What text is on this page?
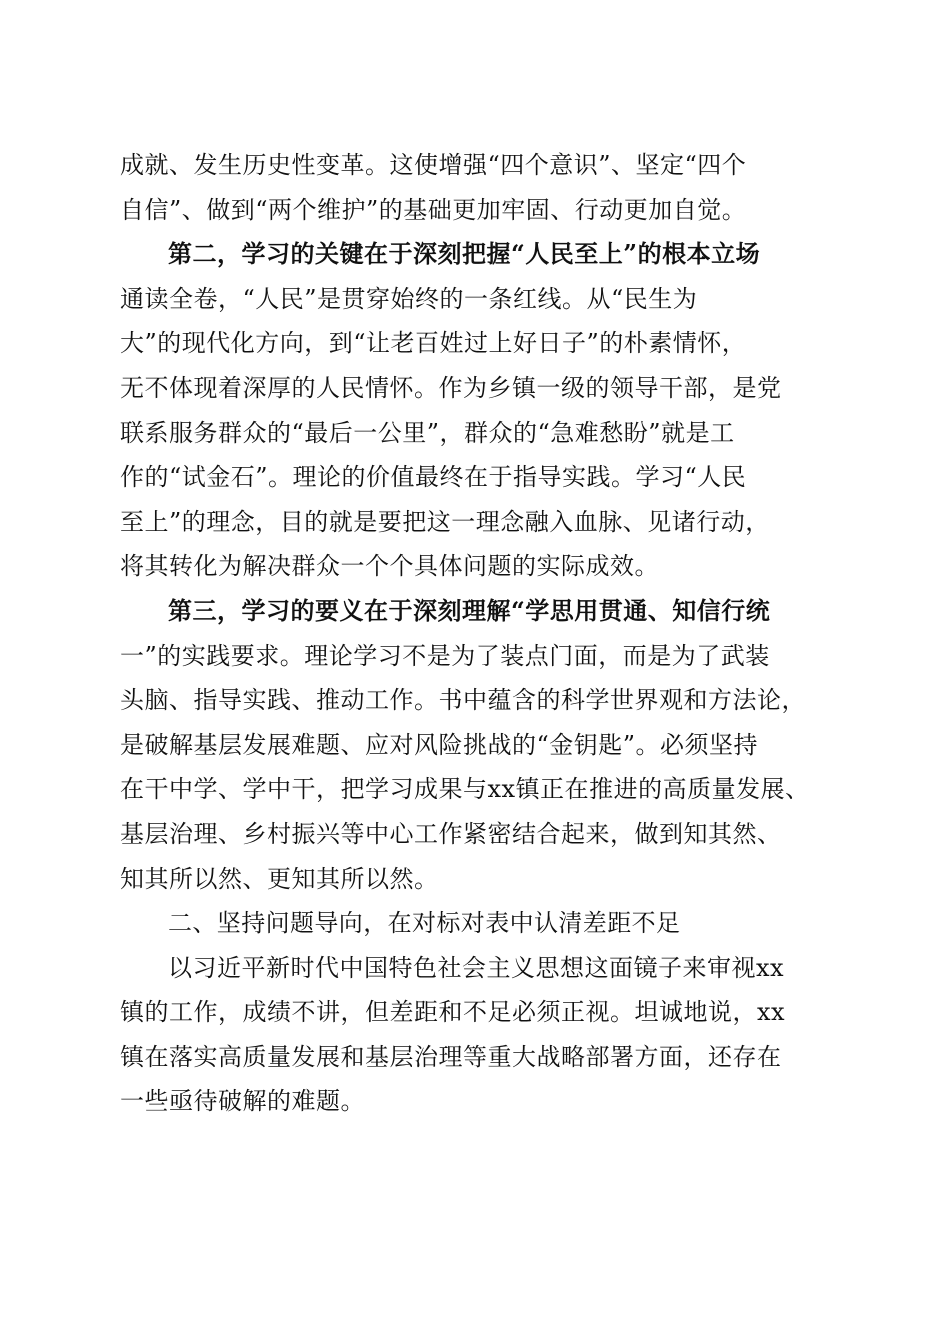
成就、发生历史性变革。这使增强“四个意识”、坚定“四个
自信”、做到“两个维护”的基础更加牢固、行动更加自觉。
第二，学习的关键在于深刻把握“人民至上”的根本立场
通读全卷，“人民”是贯穿始终的一条红线。从“民生为
大”的现代化方向，到“让老百姓过上好日子”的朴素情怀，
无不体现着深厚的人民情怀。作为乡镇一级的领导干部，是党
联系服务群众的“最后一公里”，群众的“急难愁盼”就是工
作的“试金石”。理论的价值最终在于指导实践。学习“人民
至上”的理念，目的就是要把这一理念融入血脉、见诸行动，
将其转化为解决群众一个个具体问题的实际成效。
第三，学习的要义在于深刻理解“学思用贯通、知信行统
一”的实践要求。理论学习不是为了装点门面，而是为了武装
头脑、指导实践、推动工作。书中蕴含的科学世界观和方法论，
是破解基层发展难题、应对风险挑战的“金钥匙”。必须坚持
在干中学、学中干，把学习成果与xx镇正在推进的高质量发展、
基层治理、乡村振兴等中心工作紧密结合起来，做到知其然、
知其所以然、更知其所以然。
二、坚持问题导向，在对标对表中认清差距不足
以习近平新时代中国特色社会主义思想这面镜子来审视xx
镇的工作，成绩不讲，但差距和不足必须正视。坦诚地说，xx
镇在落实高质量发展和基层治理等重大战略部署方面，还存在
一些亟待破解的难题。
